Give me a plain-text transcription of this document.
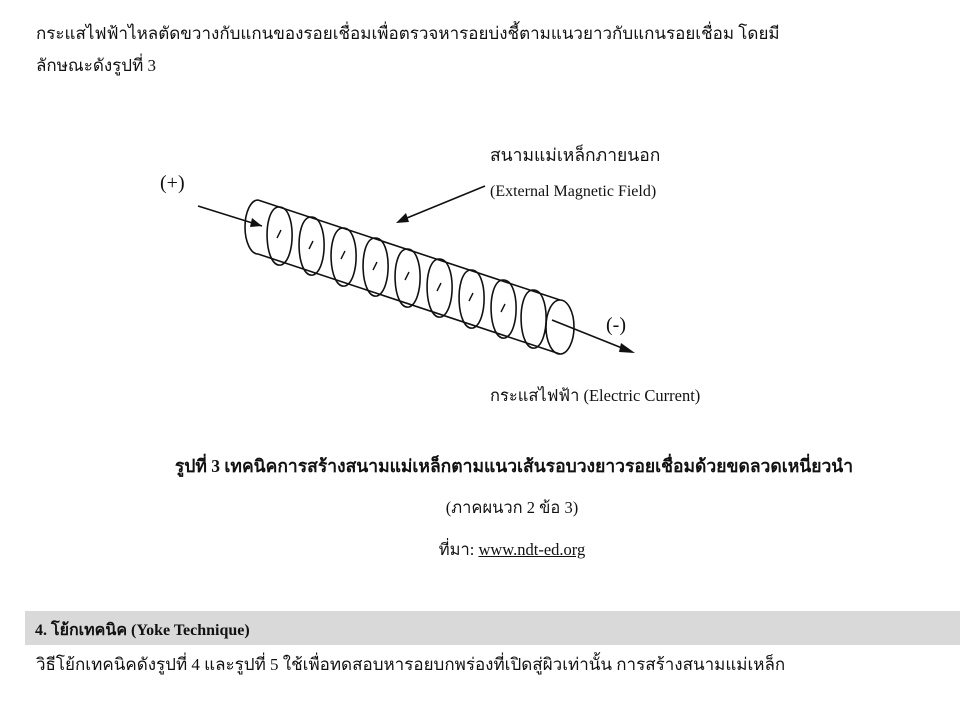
กระแสไฟฟ้าไหลตัดขวางกับแกนของรอยเชื่อมเพื่อตรวจหารอยบ่งชี้ตามแนวยาวกับแกนรอยเชื่อม โดยมี
ลักษณะดังรูปที่ 3
สนามแม่เหล็กภายนอก
(External Magnetic Field)
(+)
(-)
กระแสไฟฟ้า (Electric Current)
รูปที่ 3 เทคนิคการสร้างสนามแม่เหล็กตามแนวเส้นรอบวงยาวรอยเชื่อมด้วยขดลวดเหนี่ยวนำ
(ภาคผนวก 2 ข้อ 3)
ที่มา: www.ndt-ed.org
4. โย้กเทคนิค (Yoke Technique)
วิธีโย้กเทคนิคดังรูปที่ 4 และรูปที่ 5 ใช้เพื่อทดสอบหารอยบกพร่องที่เปิดสู่ผิวเท่านั้น การสร้างสนามแม่เหล็ก
